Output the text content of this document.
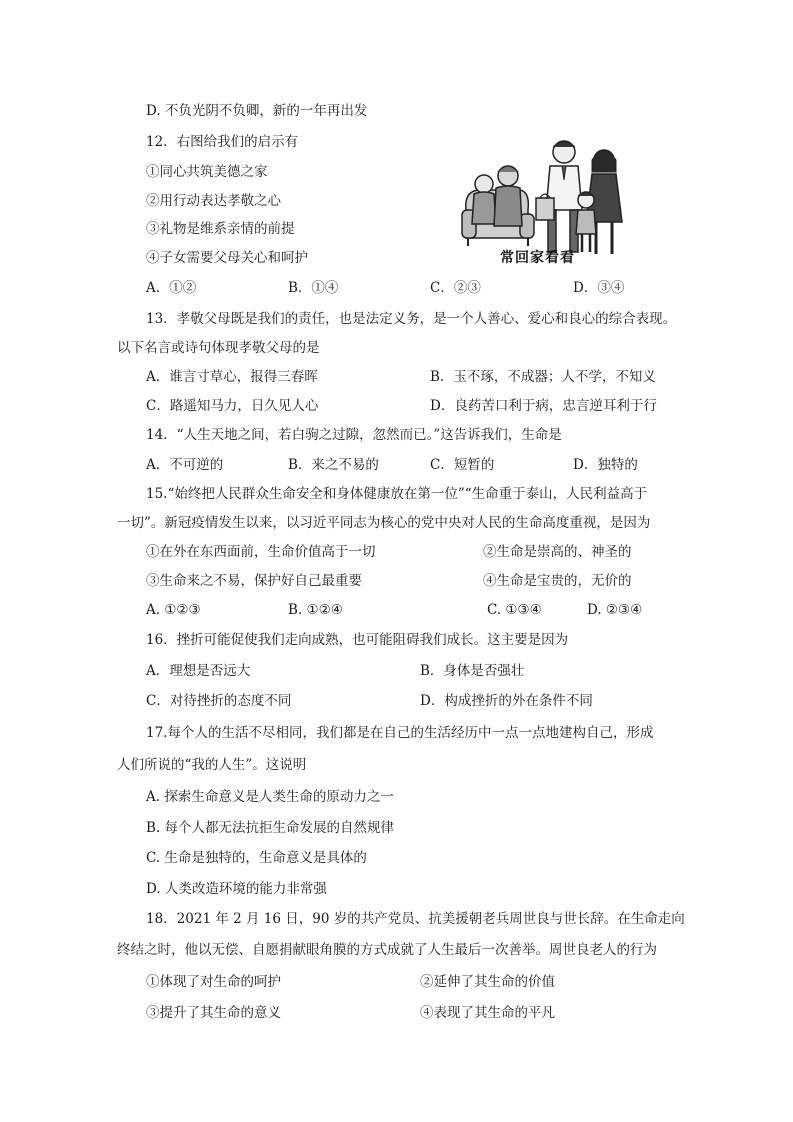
D. 不负光阴不负卿，新的一年再出发
12．右图给我们的启示有
①同心共筑美德之家
②用行动表达孝敬之心
③礼物是维系亲情的前提
④子女需要父母关心和呵护
A．①②	B．①④	C．②③	D．③④
常回家看看
13．孝敬父母既是我们的责任，也是法定义务，是一个人善心、爱心和良心的综合表现。
以下名言或诗句体现孝敬父母的是
A．谁言寸草心，报得三春晖	B．玉不琢，不成器；人不学，不知义
C．路遥知马力，日久见人心	D．良药苦口利于病，忠言逆耳利于行
14．“人生天地之间，若白驹之过隙，忽然而已。”这告诉我们，生命是
A．不可逆的	B．来之不易的	C．短暂的	D．独特的
15.“始终把人民群众生命安全和身体健康放在第一位”“生命重于泰山，人民利益高于
一切”。新冠疫情发生以来，以习近平同志为核心的党中央对人民的生命高度重视，是因为
①在外在东西面前，生命价值高于一切	②生命是崇高的、神圣的
③生命来之不易，保护好自己最重要	④生命是宝贵的，无价的
A. ①②③	B. ①②④	C. ①③④	D. ②③④
16．挫折可能促使我们走向成熟，也可能阻碍我们成长。这主要是因为
A．理想是否远大	B．身体是否强壮
C．对待挫折的态度不同	D．构成挫折的外在条件不同
17.每个人的生活不尽相同，我们都是在自己的生活经历中一点一点地建构自己，形成
人们所说的“我的人生”。这说明
A. 探索生命意义是人类生命的原动力之一
B. 每个人都无法抗拒生命发展的自然规律
C. 生命是独特的，生命意义是具体的
D. 人类改造环境的能力非常强
18．2021 年 2 月 16 日，90 岁的共产党员、抗美援朝老兵周世良与世长辞。在生命走向
终结之时，他以无偿、自愿捐献眼角膜的方式成就了人生最后一次善举。周世良老人的行为
①体现了对生命的呵护	②延伸了其生命的价值
③提升了其生命的意义	④表现了其生命的平凡
